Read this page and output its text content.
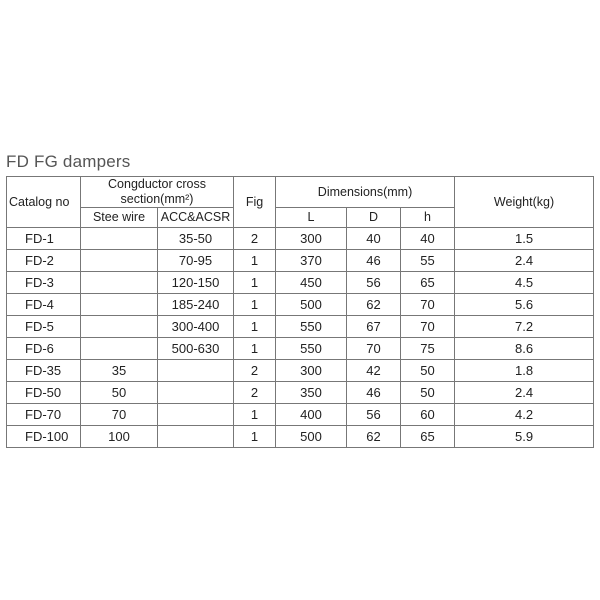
FD FG dampers
Catalog no	Congductor cross section(mm²)		Fig	Dimensions(mm)			Weight(kg)
	Stee wire	ACC&ACSR		L	D	h	
FD-1		35-50	2	300	40	40	1.5
FD-2		70-95	1	370	46	55	2.4
FD-3		120-150	1	450	56	65	4.5
FD-4		185-240	1	500	62	70	5.6
FD-5		300-400	1	550	67	70	7.2
FD-6		500-630	1	550	70	75	8.6
FD-35	35		2	300	42	50	1.8
FD-50	50		2	350	46	50	2.4
FD-70	70		1	400	56	60	4.2
FD-100	100		1	500	62	65	5.9
